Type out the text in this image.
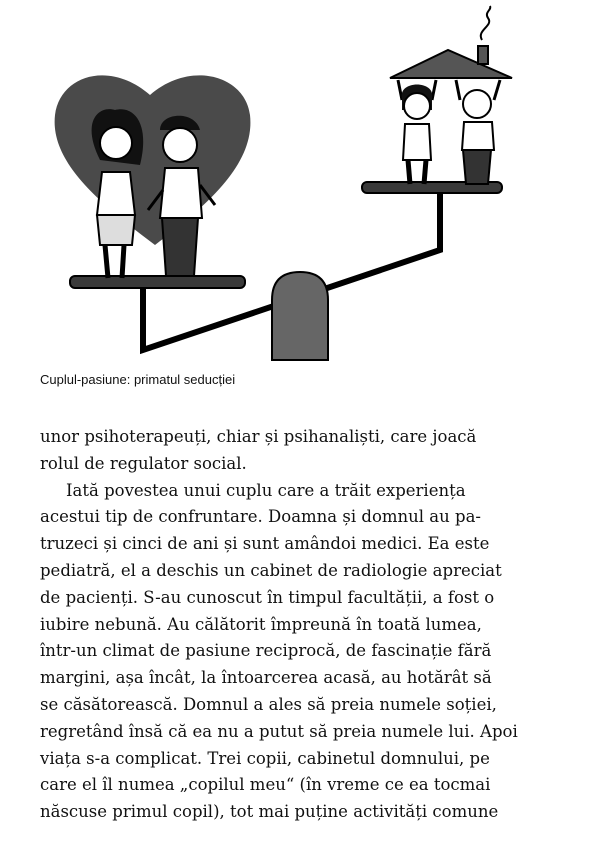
Cuplul-pasiune: primatul seducției

unor psihoterapeuți, chiar și psihanaliști, care joacă
rolul de regulator social.

Iată povestea unui cuplu care a trăit experiența
acestui tip de confruntare. Doamna și domnul au pa-
truzeci și cinci de ani și sunt amândoi medici. Ea este
pediatră, el a deschis un cabinet de radiologie apreciat
de pacienți. S-au cunoscut în timpul facultății, a fost o
iubire nebună. Au călătorit împreună în toată lumea,
într-un climat de pasiune reciprocă, de fascinație fără
margini, așa încât, la întoarcerea acasă, au hotărât să
se căsătorească. Domnul a ales să preia numele soției,
regretând însă că ea nu a putut să preia numele lui. Apoi
viața s-a complicat. Trei copii, cabinetul domnului, pe
care el îl numea „copilul meu“ (în vreme ce ea tocmai
născuse primul copil), tot mai puține activități comune
